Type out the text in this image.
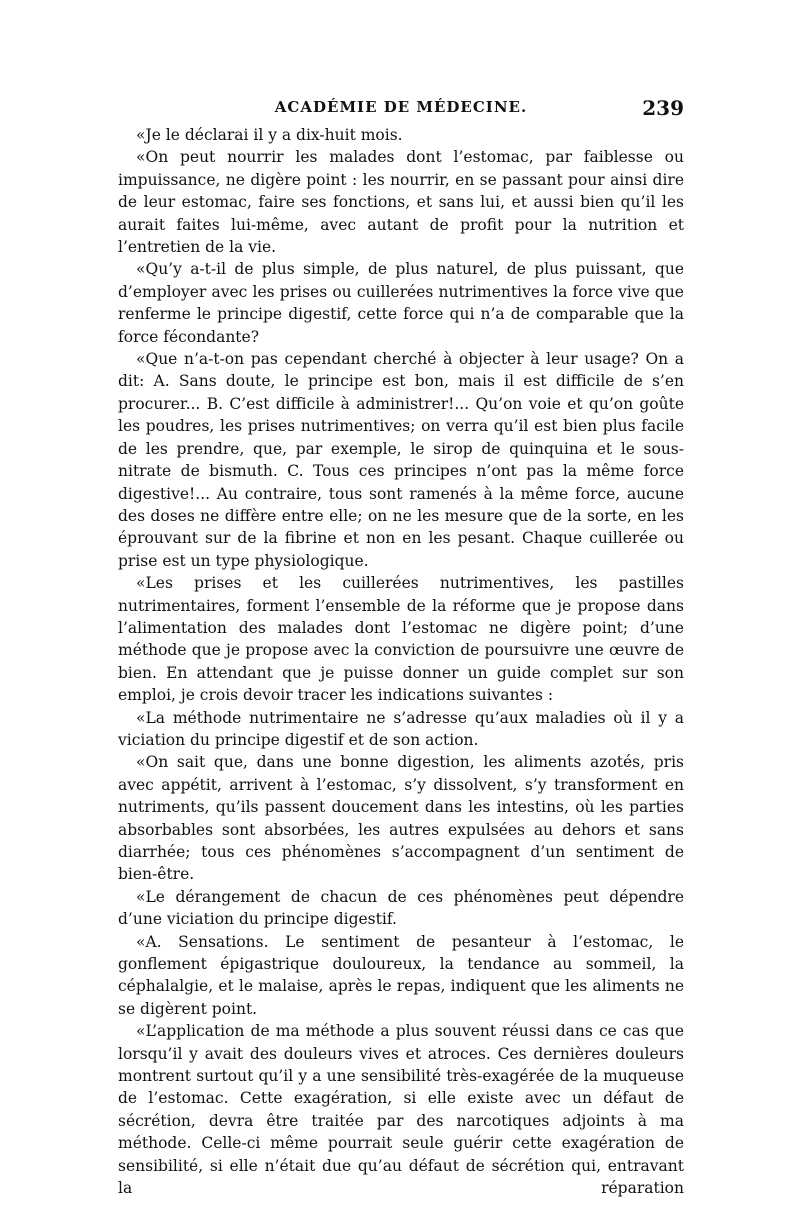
ACADÉMIE DE MÉDECINE.	239

«Je le déclarai il y a dix-huit mois.

«On peut nourrir les malades dont l’estomac, par faiblesse ou impuissance, ne digère point : les nourrir, en se passant pour ainsi dire de leur estomac, faire ses fonctions, et sans lui, et aussi bien qu’il les aurait faites lui-même, avec autant de profit pour la nutrition et l’entretien de la vie.

«Qu’y a-t-il de plus simple, de plus naturel, de plus puissant, que d’employer avec les prises ou cuillerées nutrimentives la force vive que renferme le principe digestif, cette force qui n’a de comparable que la force fécondante?

«Que n’a-t-on pas cependant cherché à objecter à leur usage? On a dit: A. Sans doute, le principe est bon, mais il est difficile de s’en procurer... B. C’est difficile à administrer!... Qu’on voie et qu’on goûte les poudres, les prises nutrimentives; on verra qu’il est bien plus facile de les prendre, que, par exemple, le sirop de quinquina et le sous-nitrate de bismuth. C. Tous ces principes n’ont pas la même force digestive!... Au contraire, tous sont ramenés à la même force, aucune des doses ne diffère entre elle; on ne les mesure que de la sorte, en les éprouvant sur de la fibrine et non en les pesant. Chaque cuillerée ou prise est un type physiologique.

«Les prises et les cuillerées nutrimentives, les pastilles nutrimentaires, forment l’ensemble de la réforme que je propose dans l’alimentation des malades dont l’estomac ne digère point; d’une méthode que je propose avec la conviction de poursuivre une œuvre de bien. En attendant que je puisse donner un guide complet sur son emploi, je crois devoir tracer les indications suivantes :

«La méthode nutrimentaire ne s’adresse qu’aux maladies où il y a viciation du principe digestif et de son action.

«On sait que, dans une bonne digestion, les aliments azotés, pris avec appétit, arrivent à l’estomac, s’y dissolvent, s’y transforment en nutriments, qu’ils passent doucement dans les intestins, où les parties absorbables sont absorbées, les autres expulsées au dehors et sans diarrhée; tous ces phénomènes s’accompagnent d’un sentiment de bien-être.

«Le dérangement de chacun de ces phénomènes peut dépendre d’une viciation du principe digestif.

«A. Sensations. Le sentiment de pesanteur à l’estomac, le gonflement épigastrique douloureux, la tendance au sommeil, la céphalalgie, et le malaise, après le repas, indiquent que les aliments ne se digèrent point.

«L’application de ma méthode a plus souvent réussi dans ce cas que lorsqu’il y avait des douleurs vives et atroces. Ces dernières douleurs montrent surtout qu’il y a une sensibilité très-exagérée de la muqueuse de l’estomac. Cette exagération, si elle existe avec un défaut de sécrétion, devra être traitée par des narcotiques adjoints à ma méthode. Celle-ci même pourrait seule guérir cette exagération de sensibilité, si elle n’était due qu’au défaut de sécrétion qui, entravant la réparation
